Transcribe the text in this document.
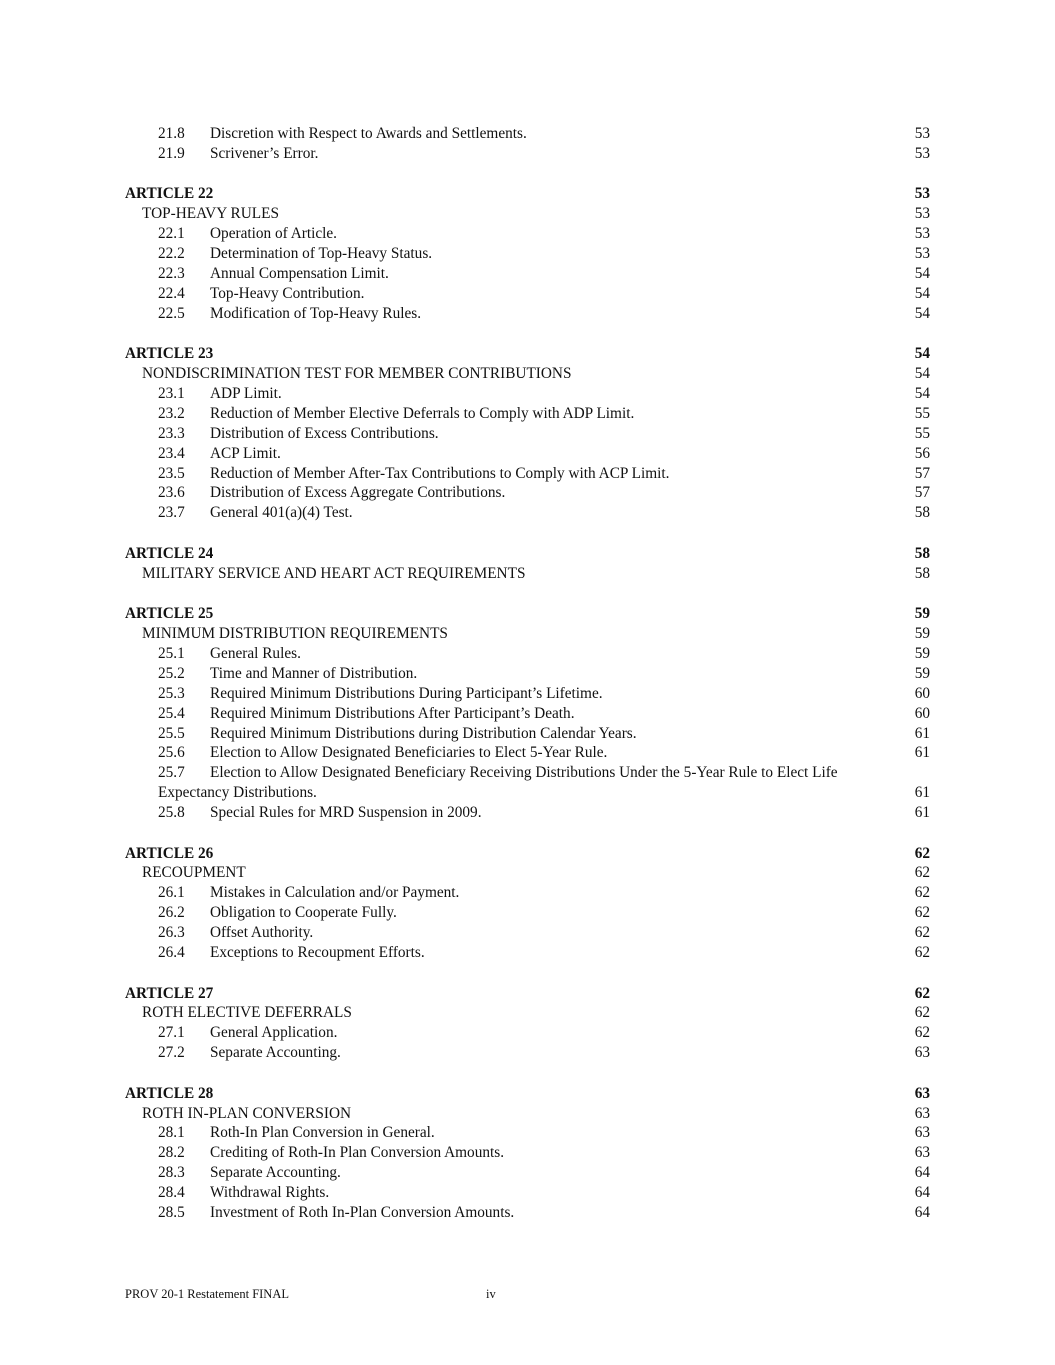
21.8 Discretion with Respect to Awards and Settlements.	53
21.9 Scrivener’s Error.	53
ARTICLE 22	53
TOP-HEAVY RULES	53
22.1 Operation of Article.	53
22.2 Determination of Top-Heavy Status.	53
22.3 Annual Compensation Limit.	54
22.4 Top-Heavy Contribution.	54
22.5 Modification of Top-Heavy Rules.	54
ARTICLE 23	54
NONDISCRIMINATION TEST FOR MEMBER CONTRIBUTIONS	54
23.1 ADP Limit.	54
23.2 Reduction of Member Elective Deferrals to Comply with ADP Limit.	55
23.3 Distribution of Excess Contributions.	55
23.4 ACP Limit.	56
23.5 Reduction of Member After-Tax Contributions to Comply with ACP Limit.	57
23.6 Distribution of Excess Aggregate Contributions.	57
23.7 General 401(a)(4) Test.	58
ARTICLE 24	58
MILITARY SERVICE AND HEART ACT REQUIREMENTS	58
ARTICLE 25	59
MINIMUM DISTRIBUTION REQUIREMENTS	59
25.1 General Rules.	59
25.2 Time and Manner of Distribution.	59
25.3 Required Minimum Distributions During Participant’s Lifetime.	60
25.4 Required Minimum Distributions After Participant’s Death.	60
25.5 Required Minimum Distributions during Distribution Calendar Years.	61
25.6 Election to Allow Designated Beneficiaries to Elect 5-Year Rule.	61
25.7 Election to Allow Designated Beneficiary Receiving Distributions Under the 5-Year Rule to Elect Life
Expectancy Distributions.	61
25.8 Special Rules for MRD Suspension in 2009.	61
ARTICLE 26	62
RECOUPMENT	62
26.1 Mistakes in Calculation and/or Payment.	62
26.2 Obligation to Cooperate Fully.	62
26.3 Offset Authority.	62
26.4 Exceptions to Recoupment Efforts.	62
ARTICLE 27	62
ROTH ELECTIVE DEFERRALS	62
27.1 General Application.	62
27.2 Separate Accounting.	63
ARTICLE 28	63
ROTH IN-PLAN CONVERSION	63
28.1 Roth-In Plan Conversion in General.	63
28.2 Crediting of Roth-In Plan Conversion Amounts.	63
28.3 Separate Accounting.	64
28.4 Withdrawal Rights.	64
28.5 Investment of Roth In-Plan Conversion Amounts.	64
PROV 20-1 Restatement FINAL	iv
